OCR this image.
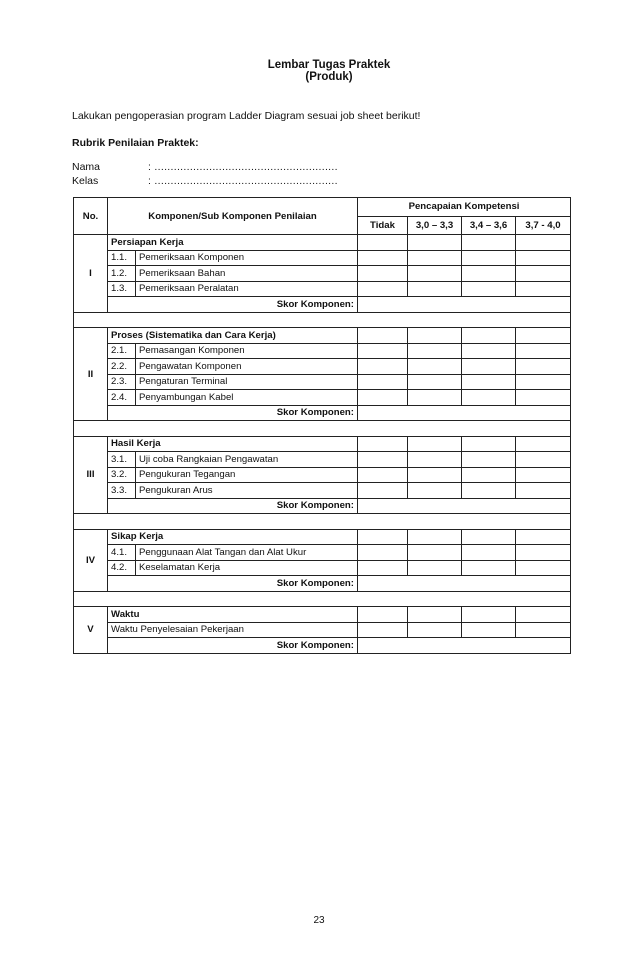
Lembar Tugas Praktek
(Produk)
Lakukan pengoperasian program Ladder Diagram sesuai job sheet berikut!
Rubrik Penilaian Praktek:
Nama	: .........................................................
Kelas	: .........................................................
No.	Komponen/Sub Komponen Penilaian		Pencapaian Kompetensi			
			Tidak	3,0 – 3,3	3,4 – 3,6	3,7 - 4,0
I	Persiapan Kerja					
	1.1.	Pemeriksaan Komponen				
	1.2.	Pemeriksaan Bahan				
	1.3.	Pemeriksaan Peralatan				
	Skor Komponen:					

II	Proses (Sistematika dan Cara Kerja)					
	2.1.	Pemasangan Komponen				
	2.2.	Pengawatan Komponen				
	2.3.	Pengaturan Terminal				
	2.4.	Penyambungan Kabel				
	Skor Komponen:					

III	Hasil Kerja					
	3.1.	Uji coba Rangkaian Pengawatan				
	3.2.	Pengukuran Tegangan				
	3.3.	Pengukuran Arus				
	Skor Komponen:					

IV	Sikap Kerja					
	4.1.	Penggunaan Alat Tangan dan Alat Ukur				
	4.2.	Keselamatan Kerja				
	Skor Komponen:					

V	Waktu					
	Waktu Penyelesaian Pekerjaan					
	Skor Komponen:					
23
